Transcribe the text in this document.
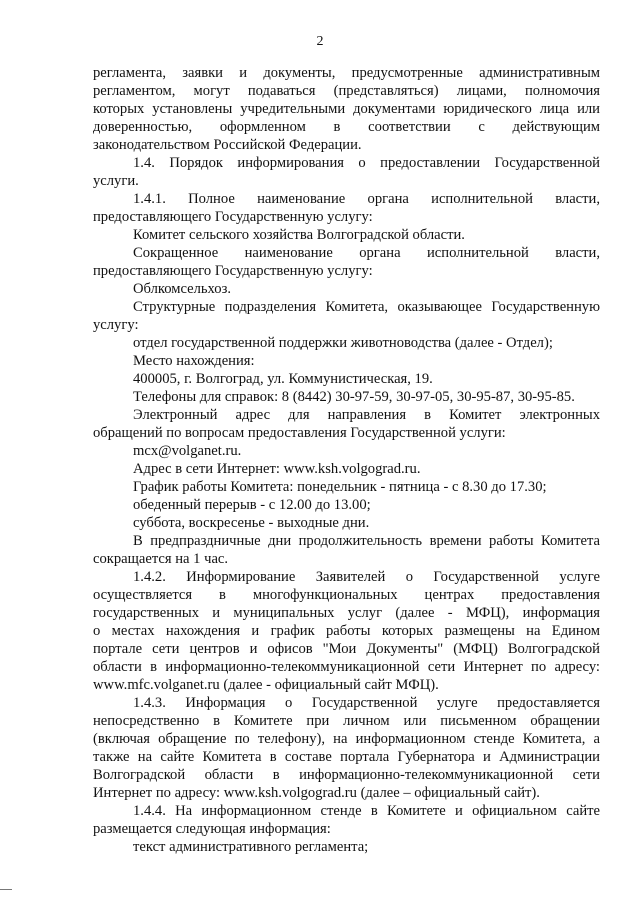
2
регламента, заявки и документы, предусмотренные административным
регламентом, могут подаваться (представляться) лицами, полномочия
которых установлены учредительными документами юридического лица или
доверенностью, оформленном в соответствии с действующим
законодательством Российской Федерации.
1.4. Порядок информирования о предоставлении Государственной
услуги.
1.4.1. Полное наименование органа исполнительной власти,
предоставляющего Государственную услугу:
Комитет сельского хозяйства Волгоградской области.
Сокращенное наименование органа исполнительной власти,
предоставляющего Государственную услугу:
Облкомсельхоз.
Структурные подразделения Комитета, оказывающее Государственную
услугу:
отдел государственной поддержки животноводства (далее - Отдел);
Место нахождения:
400005, г. Волгоград, ул. Коммунистическая, 19.
Телефоны для справок: 8 (8442) 30-97-59, 30-97-05, 30-95-87, 30-95-85.
Электронный адрес для направления в Комитет электронных
обращений по вопросам предоставления Государственной услуги:
mcx@volganet.ru.
Адрес в сети Интернет: www.ksh.volgograd.ru.
График работы Комитета: понедельник - пятница - с 8.30 до 17.30;
обеденный перерыв - с 12.00 до 13.00;
суббота, воскресенье - выходные дни.
В предпраздничные дни продолжительность времени работы Комитета
сокращается на 1 час.
1.4.2. Информирование Заявителей о Государственной услуге
осуществляется в многофункциональных центрах предоставления
государственных и муниципальных услуг (далее - МФЦ), информация
о местах нахождения и график работы которых размещены на Едином
портале сети центров и офисов "Мои Документы" (МФЦ) Волгоградской
области в информационно-телекоммуникационной сети Интернет по адресу:
www.mfc.volganet.ru (далее - официальный сайт МФЦ).
1.4.3. Информация о Государственной услуге предоставляется
непосредственно в Комитете при личном или письменном обращении
(включая обращение по телефону), на информационном стенде Комитета, а
также на сайте Комитета в составе портала Губернатора и Администрации
Волгоградской области в информационно-телекоммуникационной сети
Интернет по адресу: www.ksh.volgograd.ru (далее – официальный сайт).
1.4.4. На информационном стенде в Комитете и официальном сайте
размещается следующая информация:
текст административного регламента;
